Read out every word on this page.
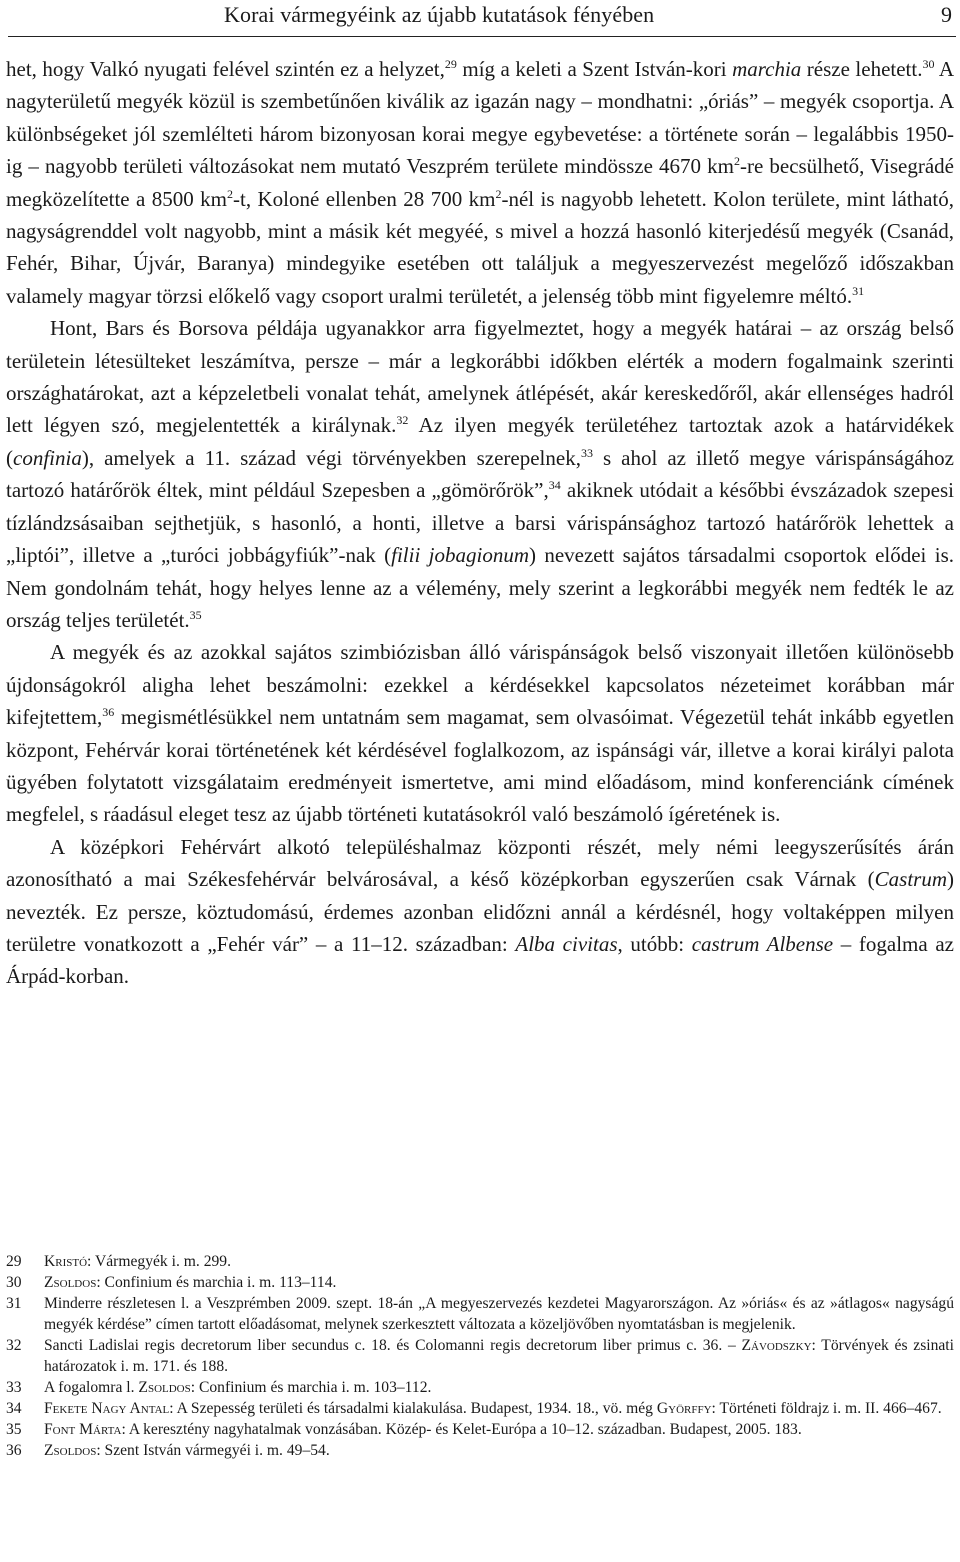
Korai vármegyéink az újabb kutatások fényében	9

het, hogy Valkó nyugati felével szintén ez a helyzet,$^{29}$ míg a keleti a Szent István-kori marchia része lehetett.$^{30}$ A nagyterületű megyék közül is szembetűnően kiválik az igazán nagy – mondhatni: „óriás” – megyék csoportja. A különbségeket jól szemlélteti három bizonyosan korai megye egybevetése: a története során – legalábbis 1950-ig – nagyobb területi változásokat nem mutató Veszprém területe mindössze 4670 $km^2-re$ becsülhető, Visegrádé megközelítette a 8500 $km^2-t$, Koloné ellenben 28 700 $km^2$-nél is nagyobb lehetett. Kolon területe, mint látható, nagyságrenddel volt nagyobb, mint a másik két megyéé, s mivel a hozzá hasonló kiterjedésű megyék (Csanád, Fehér, Bihar, Újvár, Baranya) mindegyike esetében ott találjuk a megyeszervezést megelőző időszakban valamely magyar törzsi előkelő vagy csoport uralmi területét, a jelenség több mint figyelemre méltó.$^{31}$

Hont, Bars és Borsova példája ugyanakkor arra figyelmeztet, hogy a megyék határai – az ország belső területein létesülteket leszámítva, persze – már a legkorábbi időkben elérték a modern fogalmaink szerinti országhatárokat, azt a képzeletbeli vonalat tehát, amelynek átlépését, akár kereskedőről, akár ellenséges hadról lett légyen szó, megjelentették a királynak.$^{32}$ Az ilyen megyék területéhez tartoztak azok a határvidékek (confinia), amelyek a 11. század végi törvényekben szerepelnek,$^{33}$ s ahol az illető megye várispánságához tartozó határőrök éltek, mint például Szepesben a „gömörőrök”,$^{34}$ akiknek utódait a későbbi évszázadok szepesi tízlándzsásaiban sejthetjük, s hasonló, a honti, illetve a barsi várispánsághoz tartozó határőrök lehettek a „liptói”, illetve a „turóci jobbágyfiúk”-nak (filii jobagionum) nevezett sajátos társadalmi csoportok elődei is. Nem gondolnám tehát, hogy helyes lenne az a vélemény, mely szerint a legkorábbi megyék nem fedték le az ország teljes területét.$^{35}$

A megyék és az azokkal sajátos szimbiózisban álló várispánságok belső viszonyait illetően különösebb újdonságokról aligha lehet beszámolni: ezekkel a kérdésekkel kapcsolatos nézeteimet korábban már kifejtettem,$^{36}$ megismétlésükkel nem untatnám sem magamat, sem olvasóimat. Végezetül tehát inkább egyetlen központ, Fehérvár korai történetének két kérdésével foglalkozom, az ispánsági vár, illetve a korai királyi palota ügyében folytatott vizsgálataim eredményeit ismertetve, ami mind előadásom, mind konferenciánk címének megfelel, s ráadásul eleget tesz az újabb történeti kutatásokról való beszámoló ígéretének is.

A középkori Fehérvárt alkotó településhalmaz központi részét, mely némi leegyszerűsítés árán azonosítható a mai Székesfehérvár belvárosával, a késő középkorban egyszerűen csak Várnak (Castrum) nevezték. Ez persze, köztudomású, érdemes azonban elidőzni annál a kérdésnél, hogy voltaképpen milyen területre vonatkozott a „Fehér vár” – a 11–12. században: Alba civitas, utóbb: castrum Albense – fogalma az Árpád-korban.

29	Kristó: Vármegyék i. m. 299.
30	Zsoldos: Confinium és marchia i. m. 113–114.
31	Minderre részletesen l. a Veszprémben 2009. szept. 18-án „A megyeszervezés kezdetei Magyarországon. Az »óriás« és az »átlagos« nagyságú megyék kérdése” címen tartott előadásomat, melynek szerkesztett változata a közeljövőben nyomtatásban is megjelenik.
32	Sancti Ladislai regis decretorum liber secundus c. 18. és Colomanni regis decretorum liber primus c. 36. – Závodszky: Törvények és zsinati határozatok i. m. 171. és 188.
33	A fogalomra l. Zsoldos: Confinium és marchia i. m. 103–112.
34	Fekete Nagy Antal: A Szepesség területi és társadalmi kialakulása. Budapest, 1934. 18., vö. még Györffy: Történeti földrajz i. m. II. 466–467.
35	Font Márta: A keresztény nagyhatalmak vonzásában. Közép- és Kelet-Európa a 10–12. században. Budapest, 2005. 183.
36	Zsoldos: Szent István vármegyéi i. m. 49–54.
